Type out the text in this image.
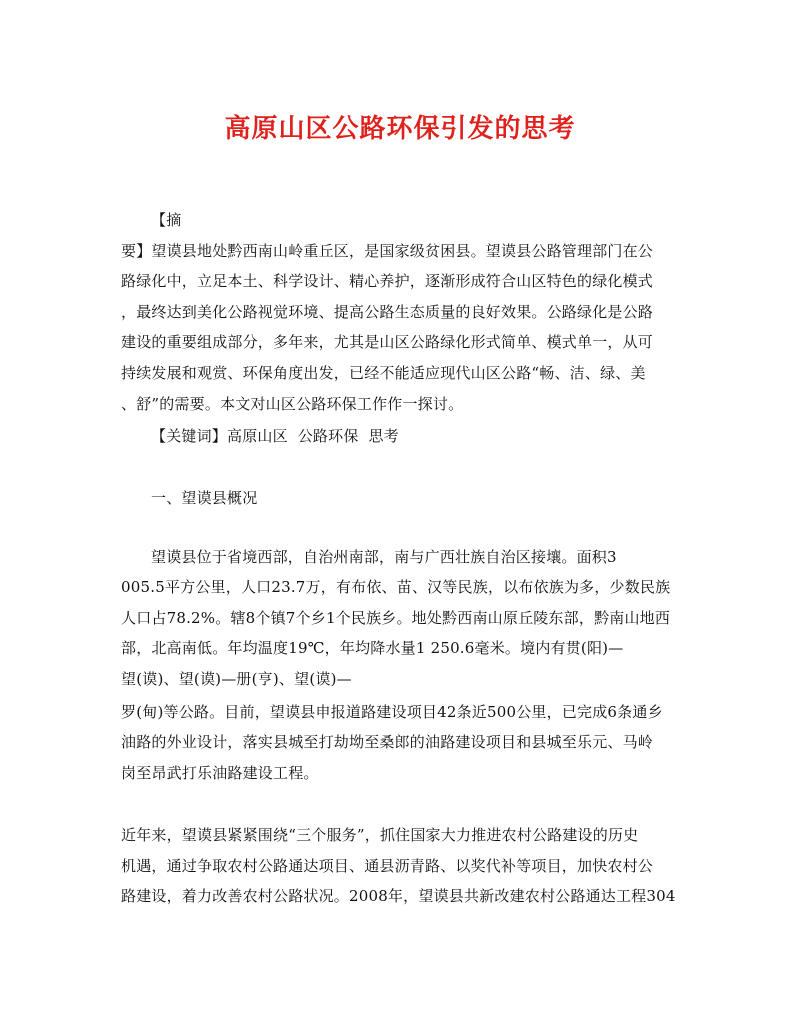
高原山区公路环保引发的思考
【摘
要】望谟县地处黔西南山岭重丘区，是国家级贫困县。望谟县公路管理部门在公
路绿化中，立足本土、科学设计、精心养护，逐渐形成符合山区特色的绿化模式
，最终达到美化公路视觉环境、提高公路生态质量的良好效果。公路绿化是公路
建设的重要组成部分，多年来，尤其是山区公路绿化形式简单、模式单一，从可
持续发展和观赏、环保角度出发，已经不能适应现代山区公路“畅、洁、绿、美
、舒”的需要。本文对山区公路环保工作作一探讨。
【关键词】高原山区  公路环保  思考
一、望谟县概况
望谟县位于省境西部，自治州南部，南与广西壮族自治区接壤。面积3
005.5平方公里，人口23.7万，有布依、苗、汉等民族，以布依族为多，少数民族
人口占78.2%。辖8个镇7个乡1个民族乡。地处黔西南山原丘陵东部，黔南山地西
部，北高南低。年均温度19℃，年均降水量1 250.6毫米。境内有贯(阳)—
望(谟)、望(谟)—册(亨)、望(谟)—
罗(甸)等公路。目前，望谟县申报道路建设项目42条近500公里，已完成6条通乡
油路的外业设计，落实县城至打劫坳至桑郎的油路建设项目和县城至乐元、马岭
岗至昂武打乐油路建设工程。
近年来，望谟县紧紧围绕“三个服务”，抓住国家大力推进农村公路建设的历史
机遇，通过争取农村公路通达项目、通县沥青路、以奖代补等项目，加快农村公
路建设，着力改善农村公路状况。2008年，望谟县共新改建农村公路通达工程304
